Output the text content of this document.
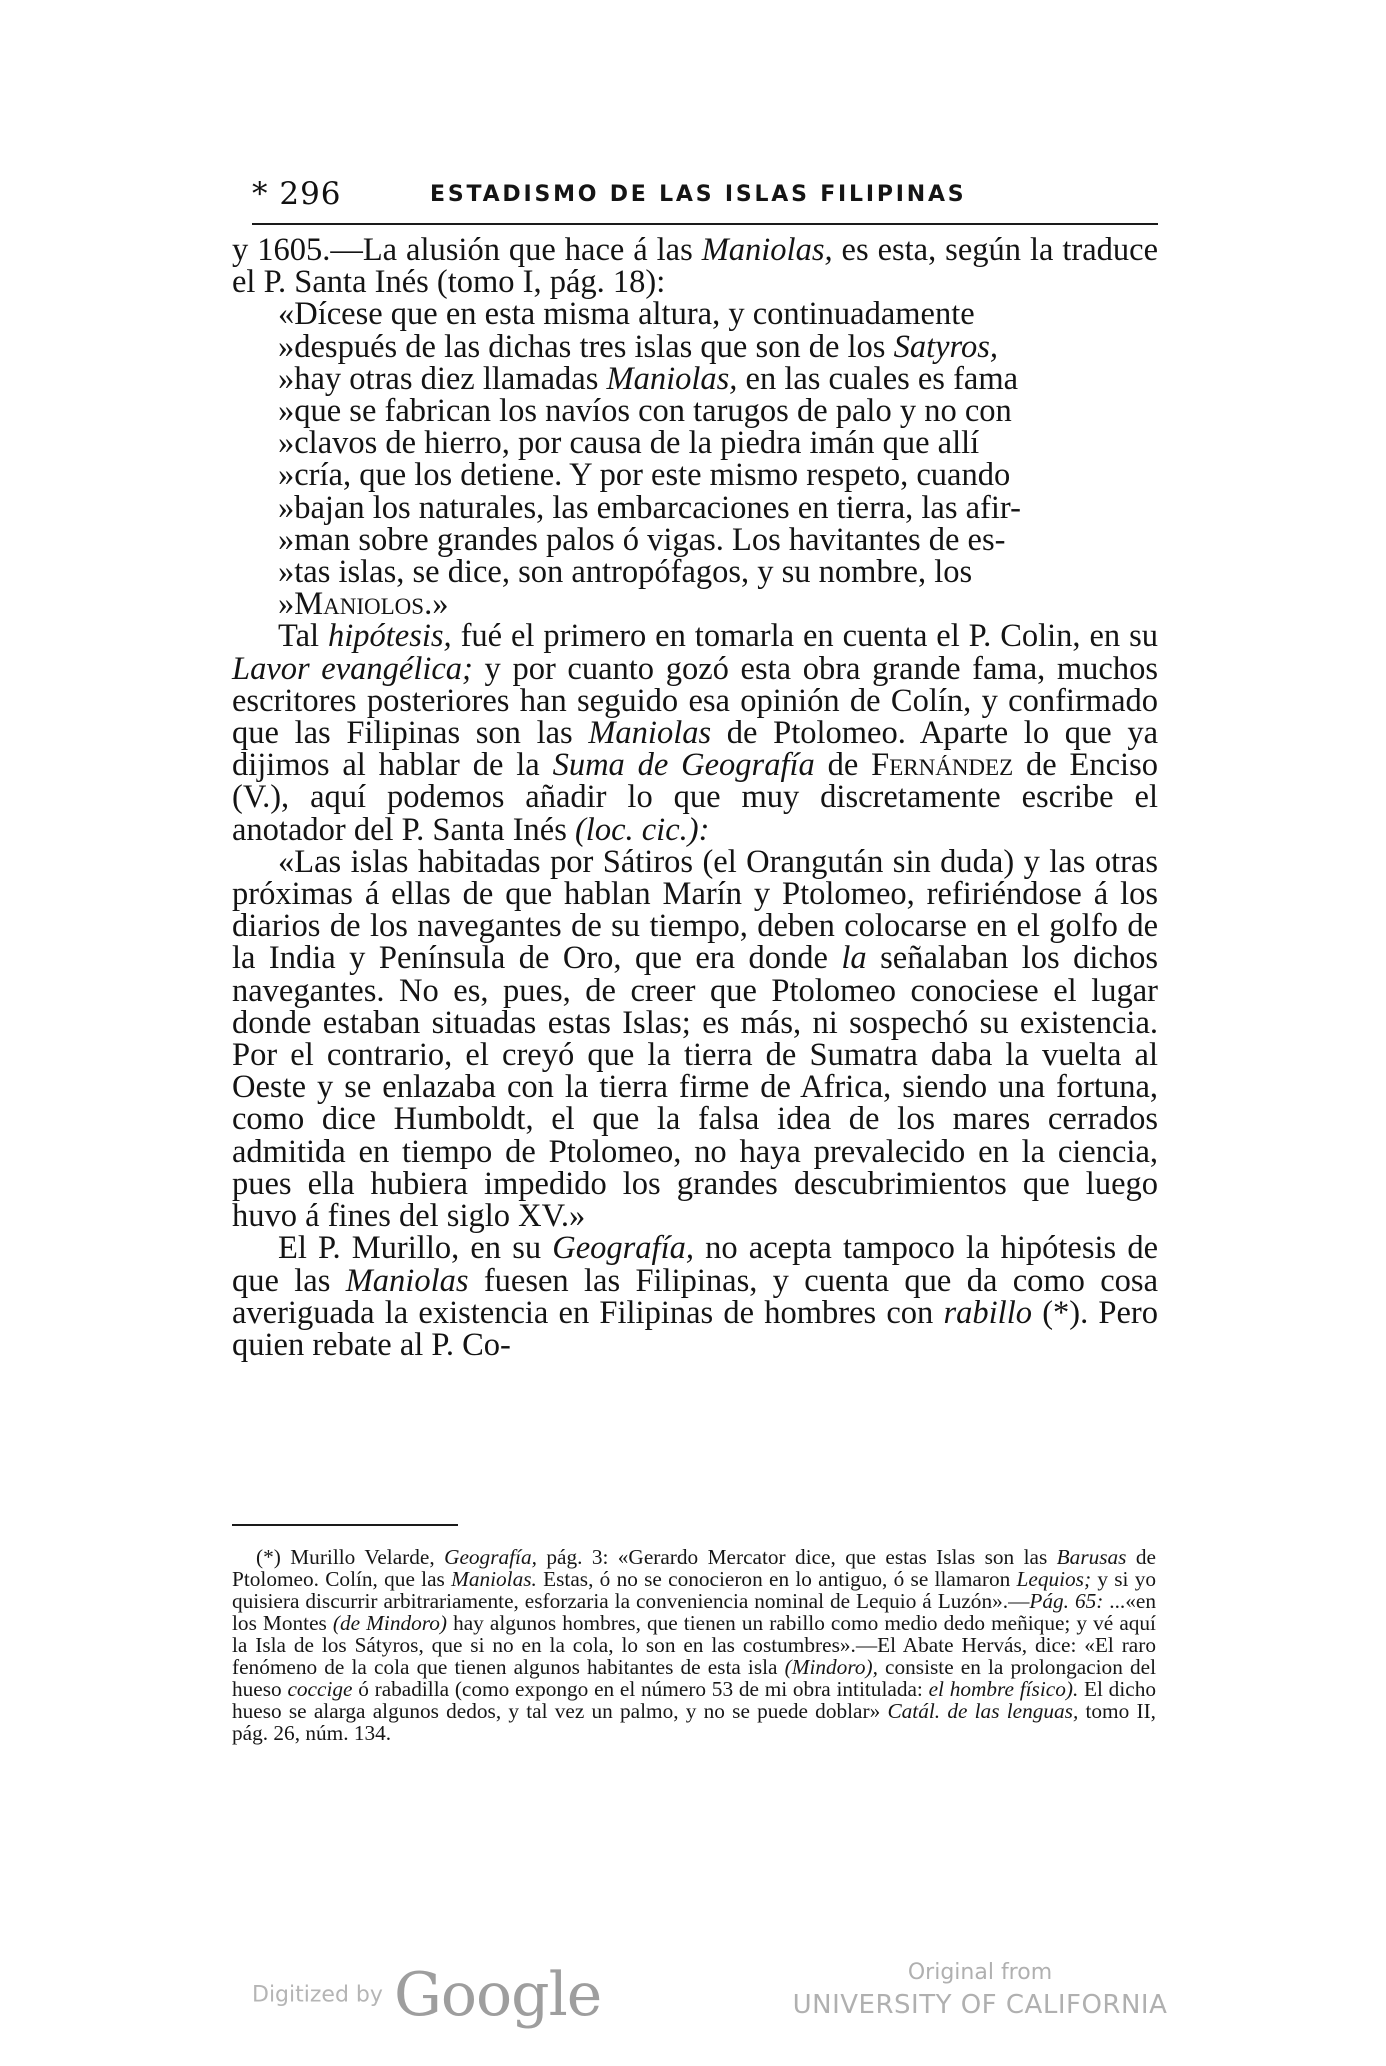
* 296	ESTADISMO DE LAS ISLAS FILIPINAS

y 1605.—La alusión que hace á las Maniolas, es esta, según la traduce el P. Santa Inés (tomo I, pág. 18):

«Dícese que en esta misma altura, y continuadamente
»después de las dichas tres islas que son de los Satyros,
»hay otras diez llamadas Maniolas, en las cuales es fama
»que se fabrican los navíos con tarugos de palo y no con
»clavos de hierro, por causa de la piedra imán que allí
»cría, que los detiene. Y por este mismo respeto, cuando
»bajan los naturales, las embarcaciones en tierra, las afir-
»man sobre grandes palos ó vigas. Los havitantes de es-
»tas islas, se dice, son antropófagos, y su nombre, los
»Maniolos.»

Tal hipótesis, fué el primero en tomarla en cuenta el P. Colin, en su Lavor evangélica; y por cuanto gozó esta obra grande fama, muchos escritores posteriores han seguido esa opinión de Colín, y confirmado que las Filipinas son las Maniolas de Ptolomeo. Aparte lo que ya dijimos al hablar de la Suma de Geografía de Fernández de Enciso (V.), aquí podemos añadir lo que muy discretamente escribe el anotador del P. Santa Inés (loc. cic.):

«Las islas habitadas por Sátiros (el Orangután sin duda) y las otras próximas á ellas de que hablan Marín y Ptolomeo, refiriéndose á los diarios de los navegantes de su tiempo, deben colocarse en el golfo de la India y Península de Oro, que era donde la señalaban los dichos navegantes. No es, pues, de creer que Ptolomeo conociese el lugar donde estaban situadas estas Islas; es más, ni sospechó su existencia. Por el contrario, el creyó que la tierra de Sumatra daba la vuelta al Oeste y se enlazaba con la tierra firme de Africa, siendo una fortuna, como dice Humboldt, el que la falsa idea de los mares cerrados admitida en tiempo de Ptolomeo, no haya prevalecido en la ciencia, pues ella hubiera impedido los grandes descubrimientos que luego huvo á fines del siglo XV.»

El P. Murillo, en su Geografía, no acepta tampoco la hipótesis de que las Maniolas fuesen las Filipinas, y cuenta que da como cosa averiguada la existencia en Filipinas de hombres con rabillo (*). Pero quien rebate al P. Co-

(*) Murillo Velarde, Geografía, pág. 3: «Gerardo Mercator dice, que estas Islas son las Barusas de Ptolomeo. Colín, que las Maniolas. Estas, ó no se conocieron en lo antiguo, ó se llamaron Lequios; y si yo quisiera discurrir arbitrariamente, esforzaria la conveniencia nominal de Lequio á Luzón».—Pág. 65: ...«en los Montes (de Mindoro) hay algunos hombres, que tienen un rabillo como medio dedo meñique; y vé aquí la Isla de los Sátyros, que si no en la cola, lo son en las costumbres».—El Abate Hervás, dice: «El raro fenómeno de la cola que tienen algunos habitantes de esta isla (Mindoro), consiste en la prolongacion del hueso coccige ó rabadilla (como expongo en el número 53 de mi obra intitulada: el hombre físico). El dicho hueso se alarga algunos dedos, y tal vez un palmo, y no se puede doblar» Catál. de las lenguas, tomo II, pág. 26, núm. 134.

Digitized by Google	Original from
UNIVERSITY OF CALIFORNIA
